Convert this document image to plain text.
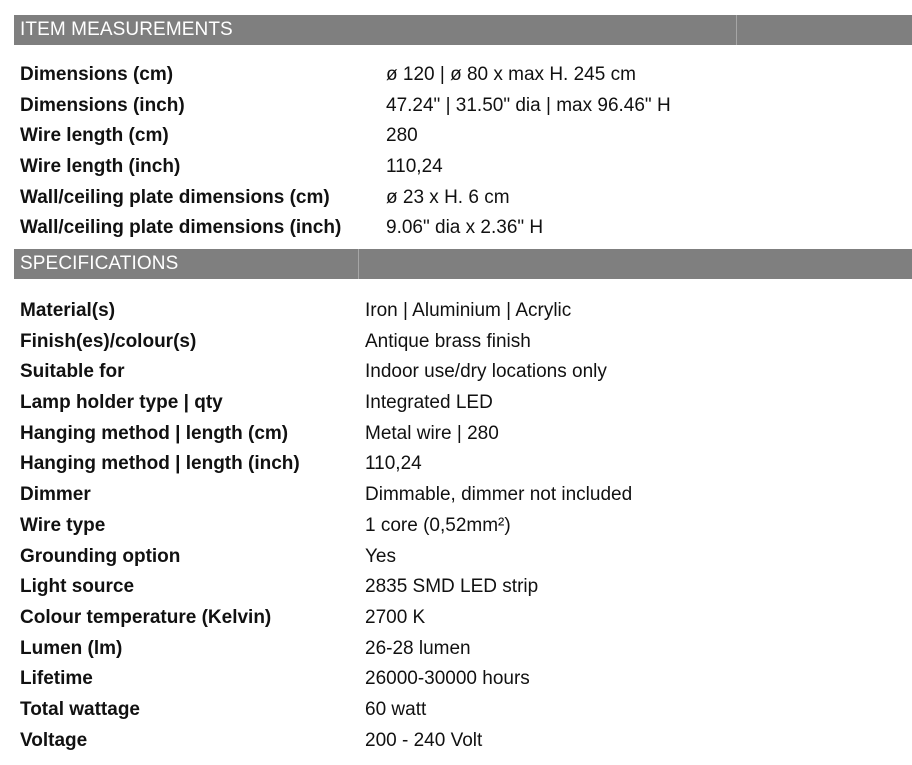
ITEM MEASUREMENTS
Dimensions (cm)	ø 120 | ø 80 x max H. 245 cm
Dimensions (inch)	47.24" | 31.50" dia | max 96.46" H
Wire length (cm)	280
Wire length (inch)	110,24
Wall/ceiling plate dimensions (cm)	ø 23 x H. 6 cm
Wall/ceiling plate dimensions (inch) 9.06" dia x 2.36" H
SPECIFICATIONS
Material(s)	Iron | Aluminium | Acrylic
Finish(es)/colour(s)	Antique brass finish
Suitable for	Indoor use/dry locations only
Lamp holder type | qty	Integrated LED
Hanging method | length (cm)	Metal wire | 280
Hanging method | length (inch)	110,24
Dimmer	Dimmable, dimmer not included
Wire type	1 core (0,52mm²)
Grounding option	Yes
Light source	2835 SMD LED strip
Colour temperature (Kelvin)	2700 K
Lumen (lm)	26-28 lumen
Lifetime	26000-30000 hours
Total wattage	60 watt
Voltage	200 - 240 Volt
